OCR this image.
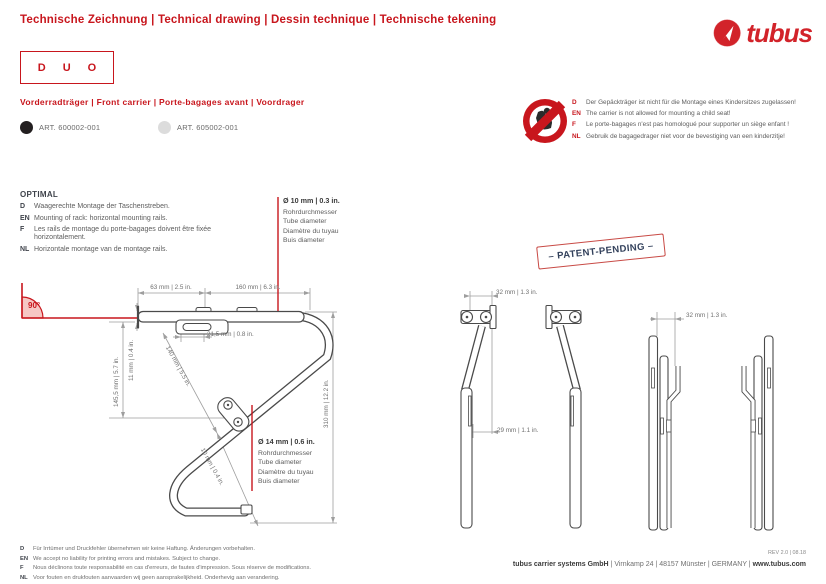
Technische Zeichnung | Technical drawing | Dessin technique | Technische tekening	tubus
DUO
Vorderradträger | Front carrier | Porte-bagages avant | Voordrager
ART. 600002-001	ART. 605002-001
D	Der Gepäckträger ist nicht für die Montage eines Kindersitzes zugelassen!
EN The carrier is not allowed for mounting a child seat!
F	Le porte-bagages n'est pas homologué pour supporter un siège enfant !
NL Gebruik de bagagedrager niet voor de bevestiging van een kinderzitje!
OPTIMAL
D	Waagerechte Montage der Taschenstreben.
EN Mounting of rack: horizontal mounting rails.
F	Les rails de montage du porte-bagages doivent être fixée horizontalement.
NL Horizontale montage van de montage rails.
Ø 10 mm | 0.3 in.
Rohrdurchmesser
Tube diameter
Diamètre du tuyau
Buis diameter
Ø 14 mm | 0.6 in.
Rohrdurchmesser
Tube diameter
Diamètre du tuyau
Buis diameter
– PATENT-PENDING –
90°
63 mm | 2.5 in.	160 mm | 6.3 in.
21,5 mm | 0.8 in.
11 mm | 0.4 in.
145,5 mm | 5.7 in.	140 mm | 5.5 in.
10 mm | 0.4 in.
310 mm | 12.2 in.
32 mm | 1.3 in.
29 mm | 1.1 in.
32 mm | 1.3 in.
D	Für Irrtümer und Druckfehler übernehmen wir keine Haftung. Änderungen vorbehalten.
EN We accept no liability for printing errors and mistakes. Subject to change.
F	Nous déclinons toute responsabilité en cas d'erreurs, de fautes d'impression. Sous réserve de modifications.
NL Voor fouten en drukfouten aanvaarden wij geen aansprakelijkheid. Onderhevig aan verandering.
REV 2.0 | 08.18
tubus carrier systems GmbH | Virnkamp 24 | 48157 Münster | GERMANY | www.tubus.com
